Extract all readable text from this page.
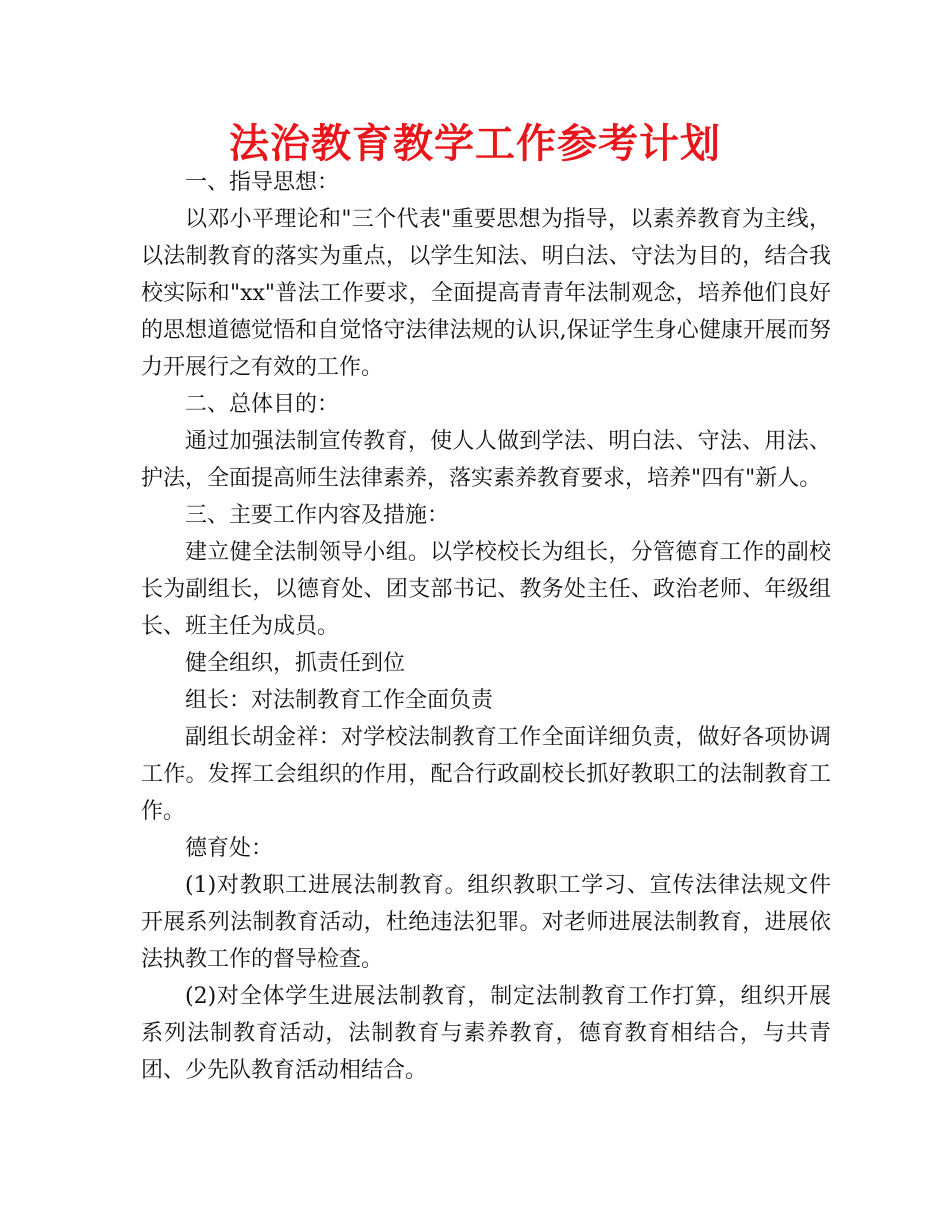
法治教育教学工作参考计划

一、指导思想：

以邓小平理论和"三个代表"重要思想为指导，以素养教育为主线，以法制教育的落实为重点，以学生知法、明白法、守法为目的，结合我校实际和"xx"普法工作要求，全面提高青青年法制观念，培养他们良好的思想道德觉悟和自觉恪守法律法规的认识,保证学生身心健康开展而努力开展行之有效的工作。

二、总体目的：

通过加强法制宣传教育，使人人做到学法、明白法、守法、用法、护法，全面提高师生法律素养，落实素养教育要求，培养"四有"新人。

三、主要工作内容及措施：

建立健全法制领导小组。以学校校长为组长，分管德育工作的副校长为副组长，以德育处、团支部书记、教务处主任、政治老师、年级组长、班主任为成员。

健全组织，抓责任到位

组长：对法制教育工作全面负责

副组长胡金祥：对学校法制教育工作全面详细负责，做好各项协调工作。发挥工会组织的作用，配合行政副校长抓好教职工的法制教育工作。

德育处：

(1)对教职工进展法制教育。组织教职工学习、宣传法律法规文件开展系列法制教育活动，杜绝违法犯罪。对老师进展法制教育，进展依法执教工作的督导检查。

(2)对全体学生进展法制教育，制定法制教育工作打算，组织开展系列法制教育活动，法制教育与素养教育，德育教育相结合，与共青团、少先队教育活动相结合。
